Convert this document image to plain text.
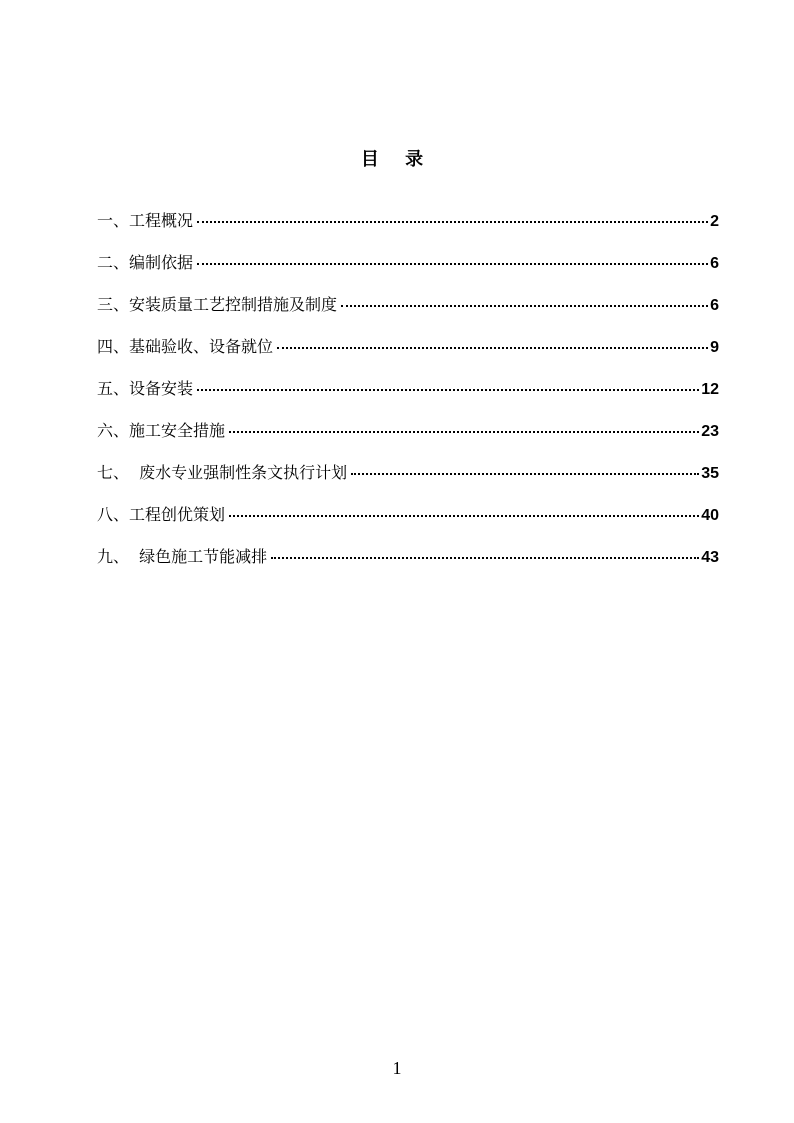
目 录
一、工程概况	2
二、编制依据	6
三、安装质量工艺控制措施及制度	6
四、基础验收、设备就位	9
五、设备安装	12
六、施工安全措施	23
七、  废水专业强制性条文执行计划	35
八、工程创优策划	40
九、  绿色施工节能减排	43
1
